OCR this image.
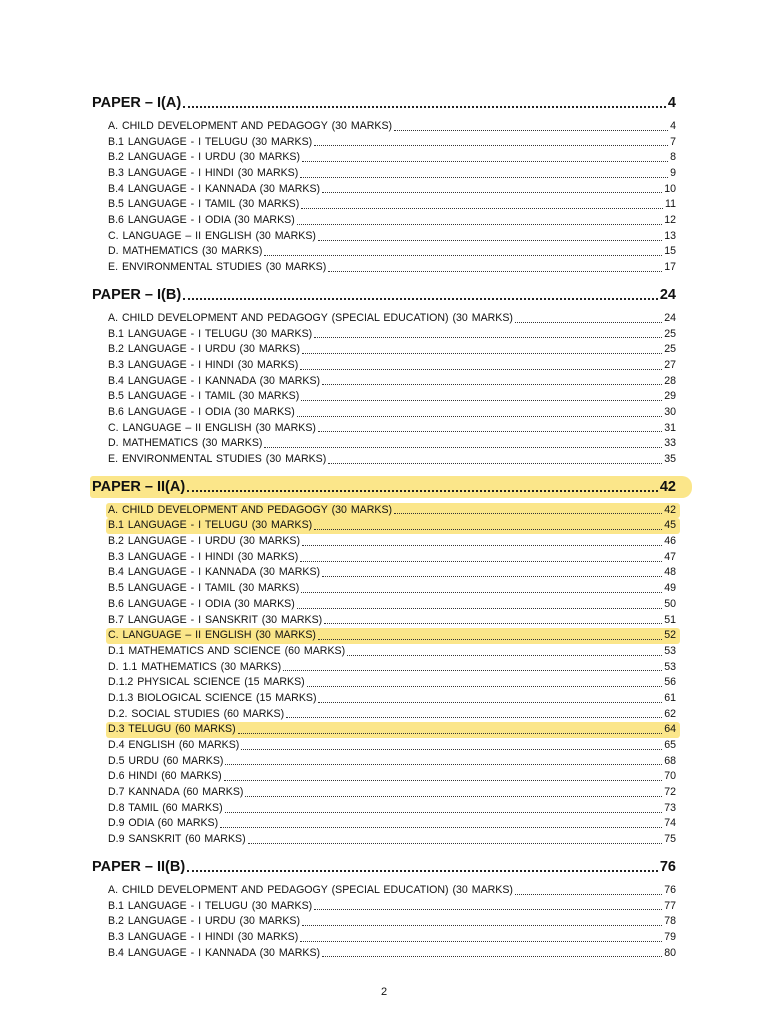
PAPER – I(A)	4
A. CHILD DEVELOPMENT AND PEDAGOGY (30 MARKS)	4
B.1 LANGUAGE - I TELUGU (30 MARKS)	7
B.2 LANGUAGE - I URDU (30 MARKS)	8
B.3 LANGUAGE - I HINDI (30 MARKS)	9
B.4 LANGUAGE - I KANNADA (30 MARKS)	10
B.5 LANGUAGE - I TAMIL (30 MARKS)	11
B.6 LANGUAGE - I ODIA (30 MARKS)	12
C. LANGUAGE – II ENGLISH (30 MARKS)	13
D. MATHEMATICS (30 MARKS)	15
E. ENVIRONMENTAL STUDIES (30 MARKS)	17
PAPER – I(B)	24
A. CHILD DEVELOPMENT AND PEDAGOGY (SPECIAL EDUCATION) (30 MARKS)	24
B.1 LANGUAGE - I TELUGU (30 MARKS)	25
B.2 LANGUAGE - I URDU (30 MARKS)	25
B.3 LANGUAGE - I HINDI (30 MARKS)	27
B.4 LANGUAGE - I KANNADA (30 MARKS)	28
B.5 LANGUAGE - I TAMIL (30 MARKS)	29
B.6 LANGUAGE - I ODIA (30 MARKS)	30
C. LANGUAGE – II ENGLISH (30 MARKS)	31
D. MATHEMATICS (30 MARKS)	33
E. ENVIRONMENTAL STUDIES (30 MARKS)	35
PAPER – II(A)	42
A. CHILD DEVELOPMENT AND PEDAGOGY (30 MARKS)	42
B.1 LANGUAGE - I TELUGU (30 MARKS)	45
B.2 LANGUAGE - I URDU (30 MARKS)	46
B.3 LANGUAGE - I HINDI (30 MARKS)	47
B.4 LANGUAGE - I KANNADA (30 MARKS)	48
B.5 LANGUAGE - I TAMIL (30 MARKS)	49
B.6 LANGUAGE - I ODIA (30 MARKS)	50
B.7 LANGUAGE - I SANSKRIT (30 MARKS)	51
C. LANGUAGE – II ENGLISH (30 MARKS)	52
D.1 MATHEMATICS AND SCIENCE (60 MARKS)	53
D. 1.1 MATHEMATICS (30 MARKS)	53
D.1.2 PHYSICAL SCIENCE (15 MARKS)	56
D.1.3 BIOLOGICAL SCIENCE (15 MARKS)	61
D.2. SOCIAL STUDIES (60 MARKS)	62
D.3 TELUGU (60 MARKS)	64
D.4 ENGLISH (60 MARKS)	65
D.5 URDU (60 MARKS)	68
D.6 HINDI (60 MARKS)	70
D.7 KANNADA (60 MARKS)	72
D.8 TAMIL (60 MARKS)	73
D.9 ODIA (60 MARKS)	74
D.9 SANSKRIT (60 MARKS)	75
PAPER – II(B)	76
A. CHILD DEVELOPMENT AND PEDAGOGY (SPECIAL EDUCATION) (30 MARKS)	76
B.1 LANGUAGE - I TELUGU (30 MARKS)	77
B.2 LANGUAGE - I URDU (30 MARKS)	78
B.3 LANGUAGE - I HINDI (30 MARKS)	79
B.4 LANGUAGE - I KANNADA (30 MARKS)	80
2
